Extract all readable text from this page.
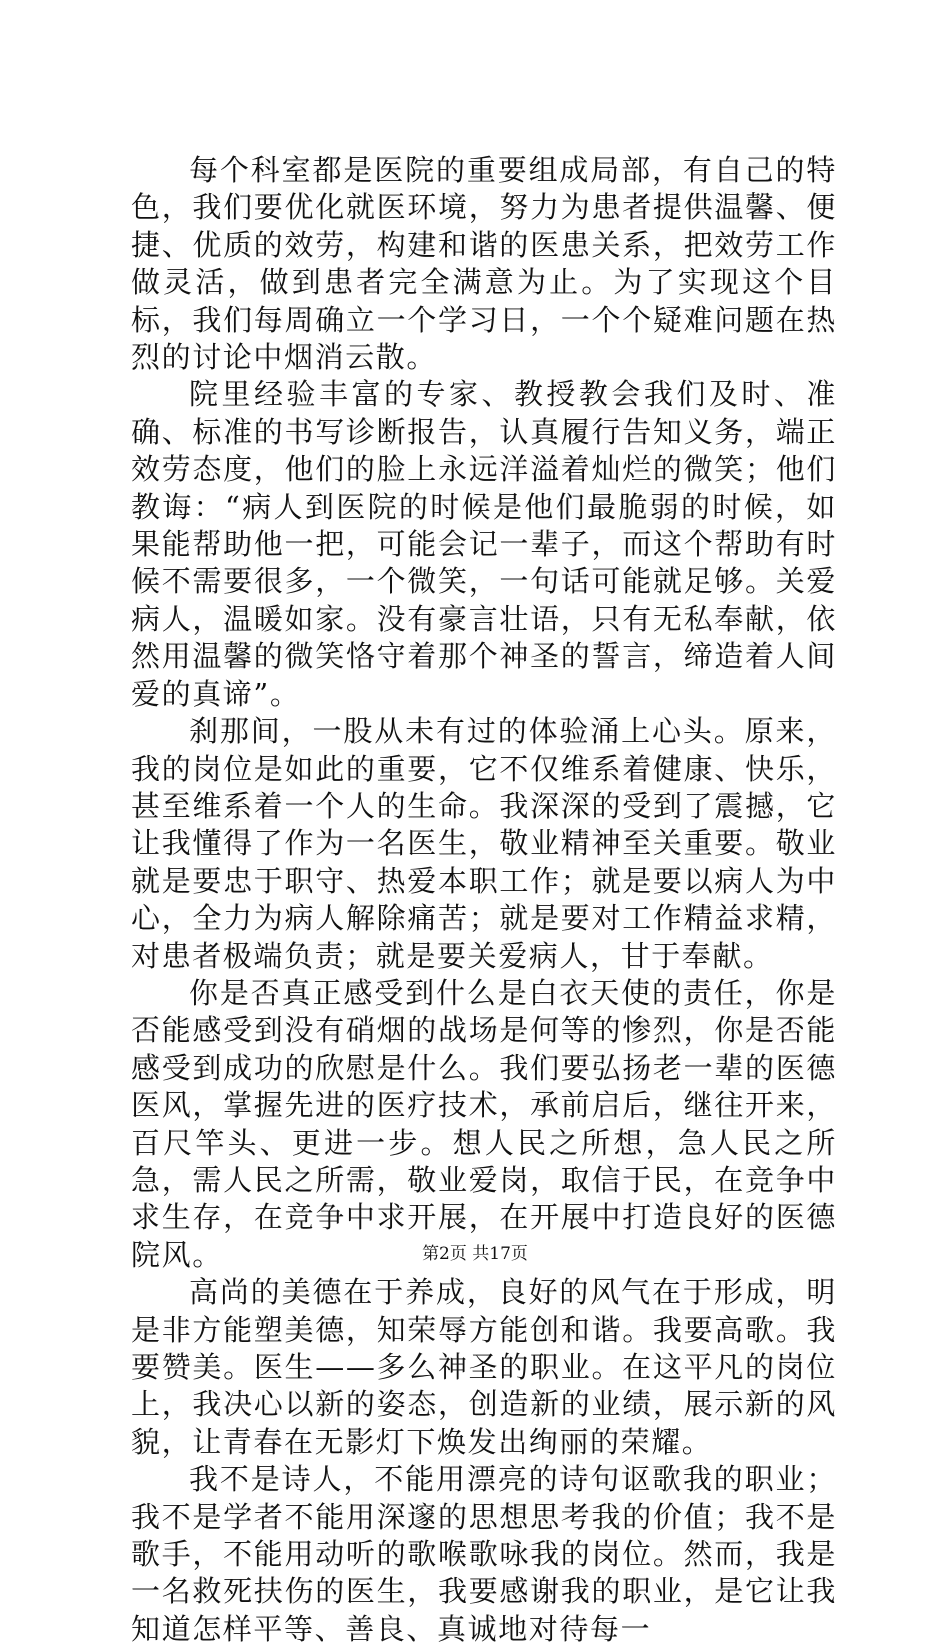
每个科室都是医院的重要组成局部，有自己的特色，我们要优化就医环境，努力为患者提供温馨、便捷、优质的效劳，构建和谐的医患关系，把效劳工作做灵活，做到患者完全满意为止。为了实现这个目标，我们每周确立一个学习日，一个个疑难问题在热烈的讨论中烟消云散。

院里经验丰富的专家、教授教会我们及时、准确、标准的书写诊断报告，认真履行告知义务，端正效劳态度，他们的脸上永远洋溢着灿烂的微笑；他们教诲：“病人到医院的时候是他们最脆弱的时候，如果能帮助他一把，可能会记一辈子，而这个帮助有时候不需要很多，一个微笑，一句话可能就足够。关爱病人，温暖如家。没有豪言壮语，只有无私奉献，依然用温馨的微笑恪守着那个神圣的誓言，缔造着人间爱的真谛”。

刹那间，一股从未有过的体验涌上心头。原来，我的岗位是如此的重要，它不仅维系着健康、快乐，甚至维系着一个人的生命。我深深的受到了震撼，它让我懂得了作为一名医生，敬业精神至关重要。敬业就是要忠于职守、热爱本职工作；就是要以病人为中心，全力为病人解除痛苦；就是要对工作精益求精，对患者极端负责；就是要关爱病人，甘于奉献。

你是否真正感受到什么是白衣天使的责任，你是否能感受到没有硝烟的战场是何等的惨烈，你是否能感受到成功的欣慰是什么。我们要弘扬老一辈的医德医风，掌握先进的医疗技术，承前启后，继往开来，百尺竿头、更进一步。想人民之所想，急人民之所急，需人民之所需，敬业爱岗，取信于民，在竞争中求生存，在竞争中求开展，在开展中打造良好的医德院风。

高尚的美德在于养成，良好的风气在于形成，明是非方能塑美德，知荣辱方能创和谐。我要高歌。我要赞美。医生——多么神圣的职业。在这平凡的岗位上，我决心以新的姿态，创造新的业绩，展示新的风貌，让青春在无影灯下焕发出绚丽的荣耀。

我不是诗人，不能用漂亮的诗句讴歌我的职业；我不是学者不能用深邃的思想思考我的价值；我不是歌手，不能用动听的歌喉歌咏我的岗位。然而，我是一名救死扶伤的医生，我要感谢我的职业，是它让我知道怎样平等、善良、真诚地对待每一

第2页 共17页
